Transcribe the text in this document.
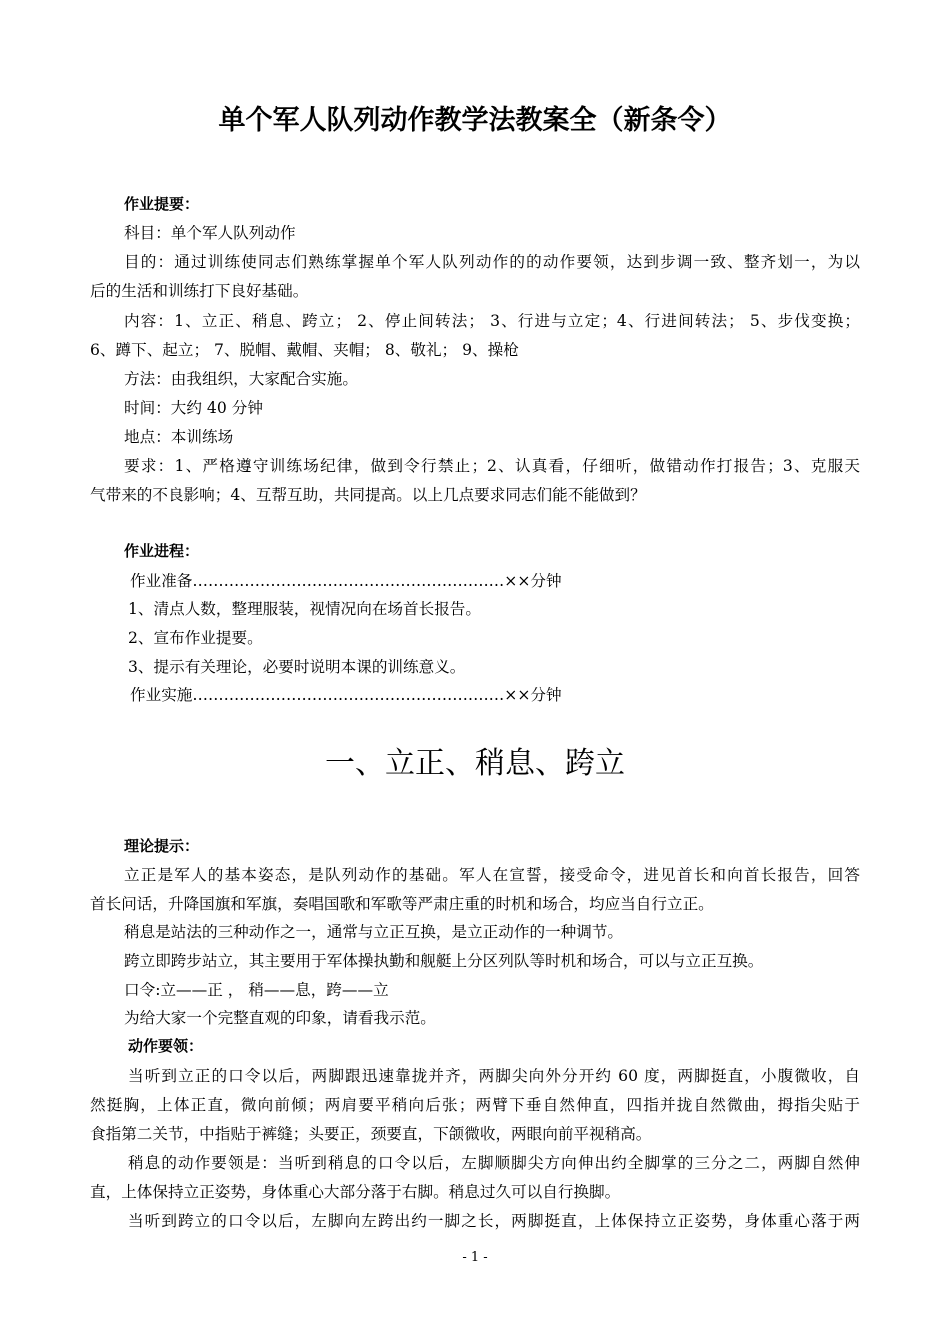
单个军人队列动作教学法教案全（新条令）
作业提要：
科目：单个军人队列动作
目的：通过训练使同志们熟练掌握单个军人队列动作的的动作要领，达到步调一致、整齐划一，为以
后的生活和训练打下良好基础。
内容：1、立正、稍息、跨立； 2、停止间转法； 3、行进与立定；4、行进间转法； 5、步伐变换；
6、蹲下、起立； 7、脱帽、戴帽、夹帽； 8、敬礼； 9、操枪
方法：由我组织，大家配合实施。
时间：大约 40 分钟
地点：本训练场
要求：1、严格遵守训练场纪律，做到令行禁止；2、认真看，仔细听，做错动作打报告；3、克服天
气带来的不良影响；4、互帮互助，共同提高。以上几点要求同志们能不能做到？
作业进程：
作业准备……………………………………………………××分钟
1、清点人数，整理服装，视情况向在场首长报告。
2、宣布作业提要。
3、提示有关理论，必要时说明本课的训练意义。
作业实施……………………………………………………××分钟
一、立正、稍息、跨立
理论提示：
立正是军人的基本姿态，是队列动作的基础。军人在宣誓，接受命令，进见首长和向首长报告，回答
首长问话，升降国旗和军旗，奏唱国歌和军歌等严肃庄重的时机和场合，均应当自行立正。
稍息是站法的三种动作之一，通常与立正互换，是立正动作的一种调节。
跨立即跨步站立，其主要用于军体操执勤和舰艇上分区列队等时机和场合，可以与立正互换。
口令:立——正 ， 稍——息，跨——立
为给大家一个完整直观的印象，请看我示范。
动作要领：
当听到立正的口令以后，两脚跟迅速靠拢并齐，两脚尖向外分开约 60 度，两脚挺直，小腹微收，自
然挺胸，上体正直，微向前倾；两肩要平稍向后张；两臂下垂自然伸直，四指并拢自然微曲，拇指尖贴于
食指第二关节，中指贴于裤缝；头要正，颈要直，下颌微收，两眼向前平视稍高。
稍息的动作要领是：当听到稍息的口令以后，左脚顺脚尖方向伸出约全脚掌的三分之二，两脚自然伸
直，上体保持立正姿势，身体重心大部分落于右脚。稍息过久可以自行换脚。
当听到跨立的口令以后，左脚向左跨出约一脚之长，两脚挺直，上体保持立正姿势，身体重心落于两
- 1 -
